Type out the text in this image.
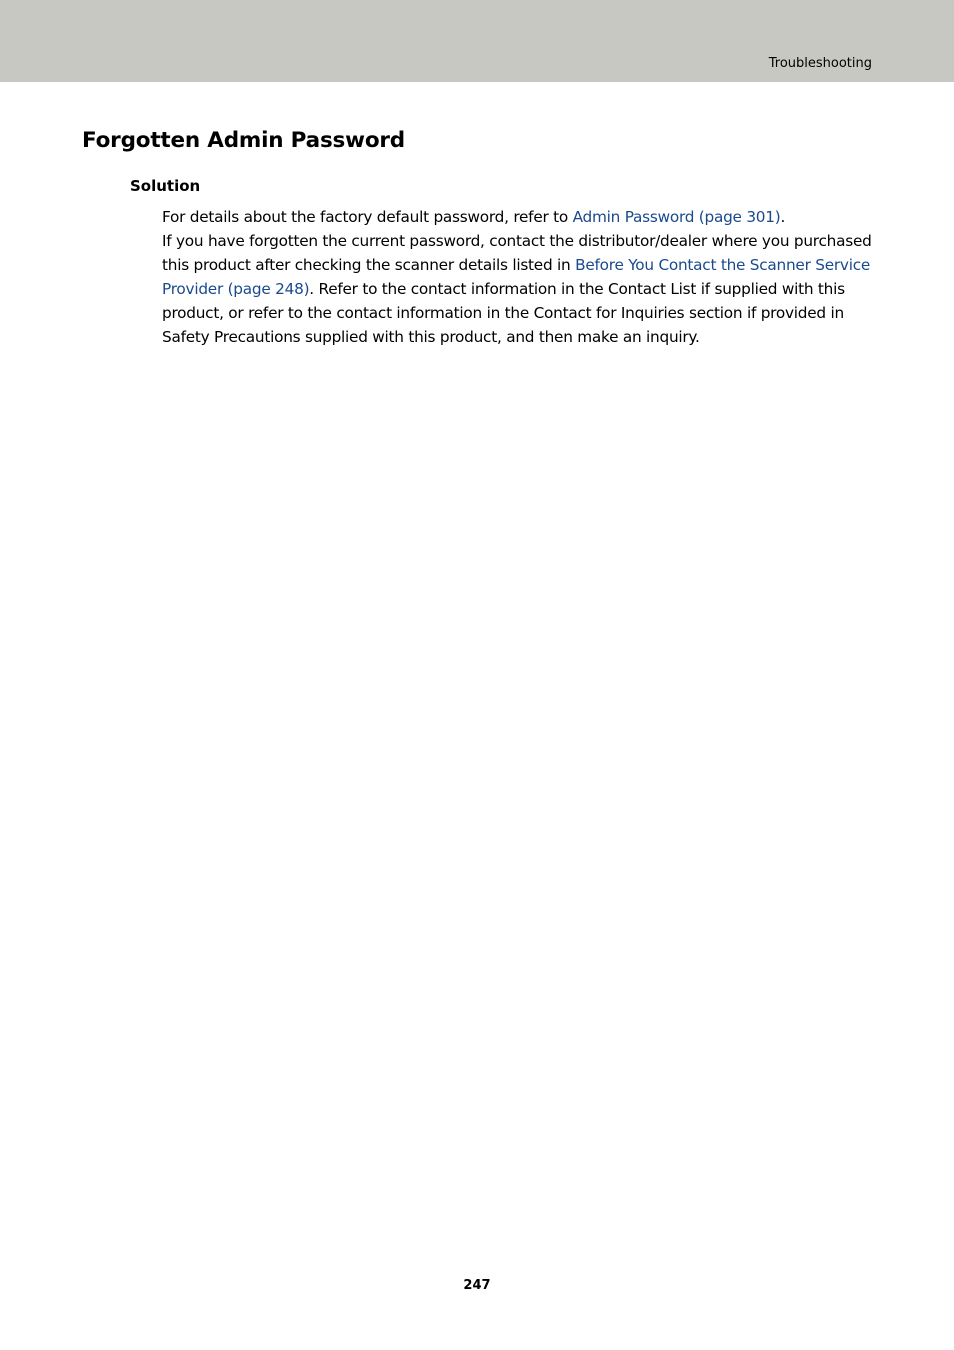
Troubleshooting
Forgotten Admin Password
Solution

For details about the factory default password, refer to Admin Password (page 301).

If you have forgotten the current password, contact the distributor/dealer where you purchased this product after checking the scanner details listed in Before You Contact the Scanner Service Provider (page 248). Refer to the contact information in the Contact List if supplied with this product, or refer to the contact information in the Contact for Inquiries section if provided in Safety Precautions supplied with this product, and then make an inquiry.

247
